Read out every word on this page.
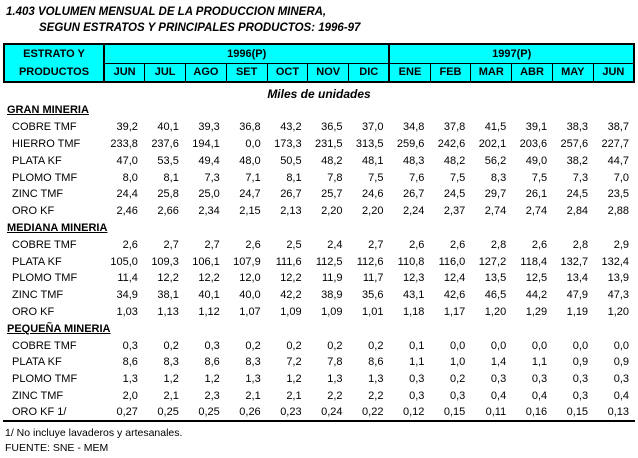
1.403 VOLUMEN MENSUAL DE LA PRODUCCION MINERA,
SEGUN ESTRATOS Y PRINCIPALES PRODUCTOS: 1996-97
ESTRATO Y
PRODUCTOS	1996(P)							1997(P)					
	JUN	JUL	AGO	SET	OCT	NOV	DIC	ENE	FEB	MAR	ABR	MAY	JUN
Miles de unidades
GRAN MINERIA													
COBRE TMF	39,2	40,1	39,3	36,8	43,2	36,5	37,0	34,8	37,8	41,5	39,1	38,3	38,7
HIERRO TMF	233,8	237,6	194,1	0,0	173,3	231,5	313,5	259,6	242,6	202,1	203,6	257,6	227,7
PLATA KF	47,0	53,5	49,4	48,0	50,5	48,2	48,1	48,3	48,2	56,2	49,0	38,2	44,7
PLOMO TMF	8,0	8,1	7,3	7,1	8,1	7,8	7,5	7,6	7,5	8,3	7,5	7,3	7,0
ZINC TMF	24,4	25,8	25,0	24,7	26,7	25,7	24,6	26,7	24,5	29,7	26,1	24,5	23,5
ORO KF	2,46	2,66	2,34	2,15	2,13	2,20	2,20	2,24	2,37	2,74	2,74	2,84	2,88
MEDIANA MINERIA													
COBRE TMF	2,6	2,7	2,7	2,6	2,5	2,4	2,7	2,6	2,6	2,8	2,6	2,8	2,9
PLATA KF	105,0	109,3	106,1	107,9	111,6	112,5	112,6	110,8	116,0	127,2	118,4	132,7	132,4
PLOMO TMF	11,4	12,2	12,2	12,0	12,2	11,9	11,7	12,3	12,4	13,5	12,5	13,4	13,9
ZINC TMF	34,9	38,1	40,1	40,0	42,2	38,9	35,6	43,1	42,6	46,5	44,2	47,9	47,3
ORO KF	1,03	1,13	1,12	1,07	1,09	1,09	1,01	1,18	1,17	1,20	1,29	1,19	1,20
PEQUEÑA MINERIA													
COBRE TMF	0,3	0,2	0,3	0,2	0,2	0,2	0,2	0,1	0,0	0,0	0,0	0,0	0,0
PLATA KF	8,6	8,3	8,6	8,3	7,2	7,8	8,6	1,1	1,0	1,4	1,1	0,9	0,9
PLOMO TMF	1,3	1,2	1,2	1,3	1,2	1,3	1,3	0,3	0,2	0,3	0,3	0,3	0,3
ZINC TMF	2,0	2,1	2,3	2,1	2,1	2,2	2,2	0,3	0,3	0,4	0,4	0,3	0,4
ORO KF 1/	0,27	0,25	0,25	0,26	0,23	0,24	0,22	0,12	0,15	0,11	0,16	0,15	0,13
1/ No incluye lavaderos y artesanales.
FUENTE: SNE - MEM
